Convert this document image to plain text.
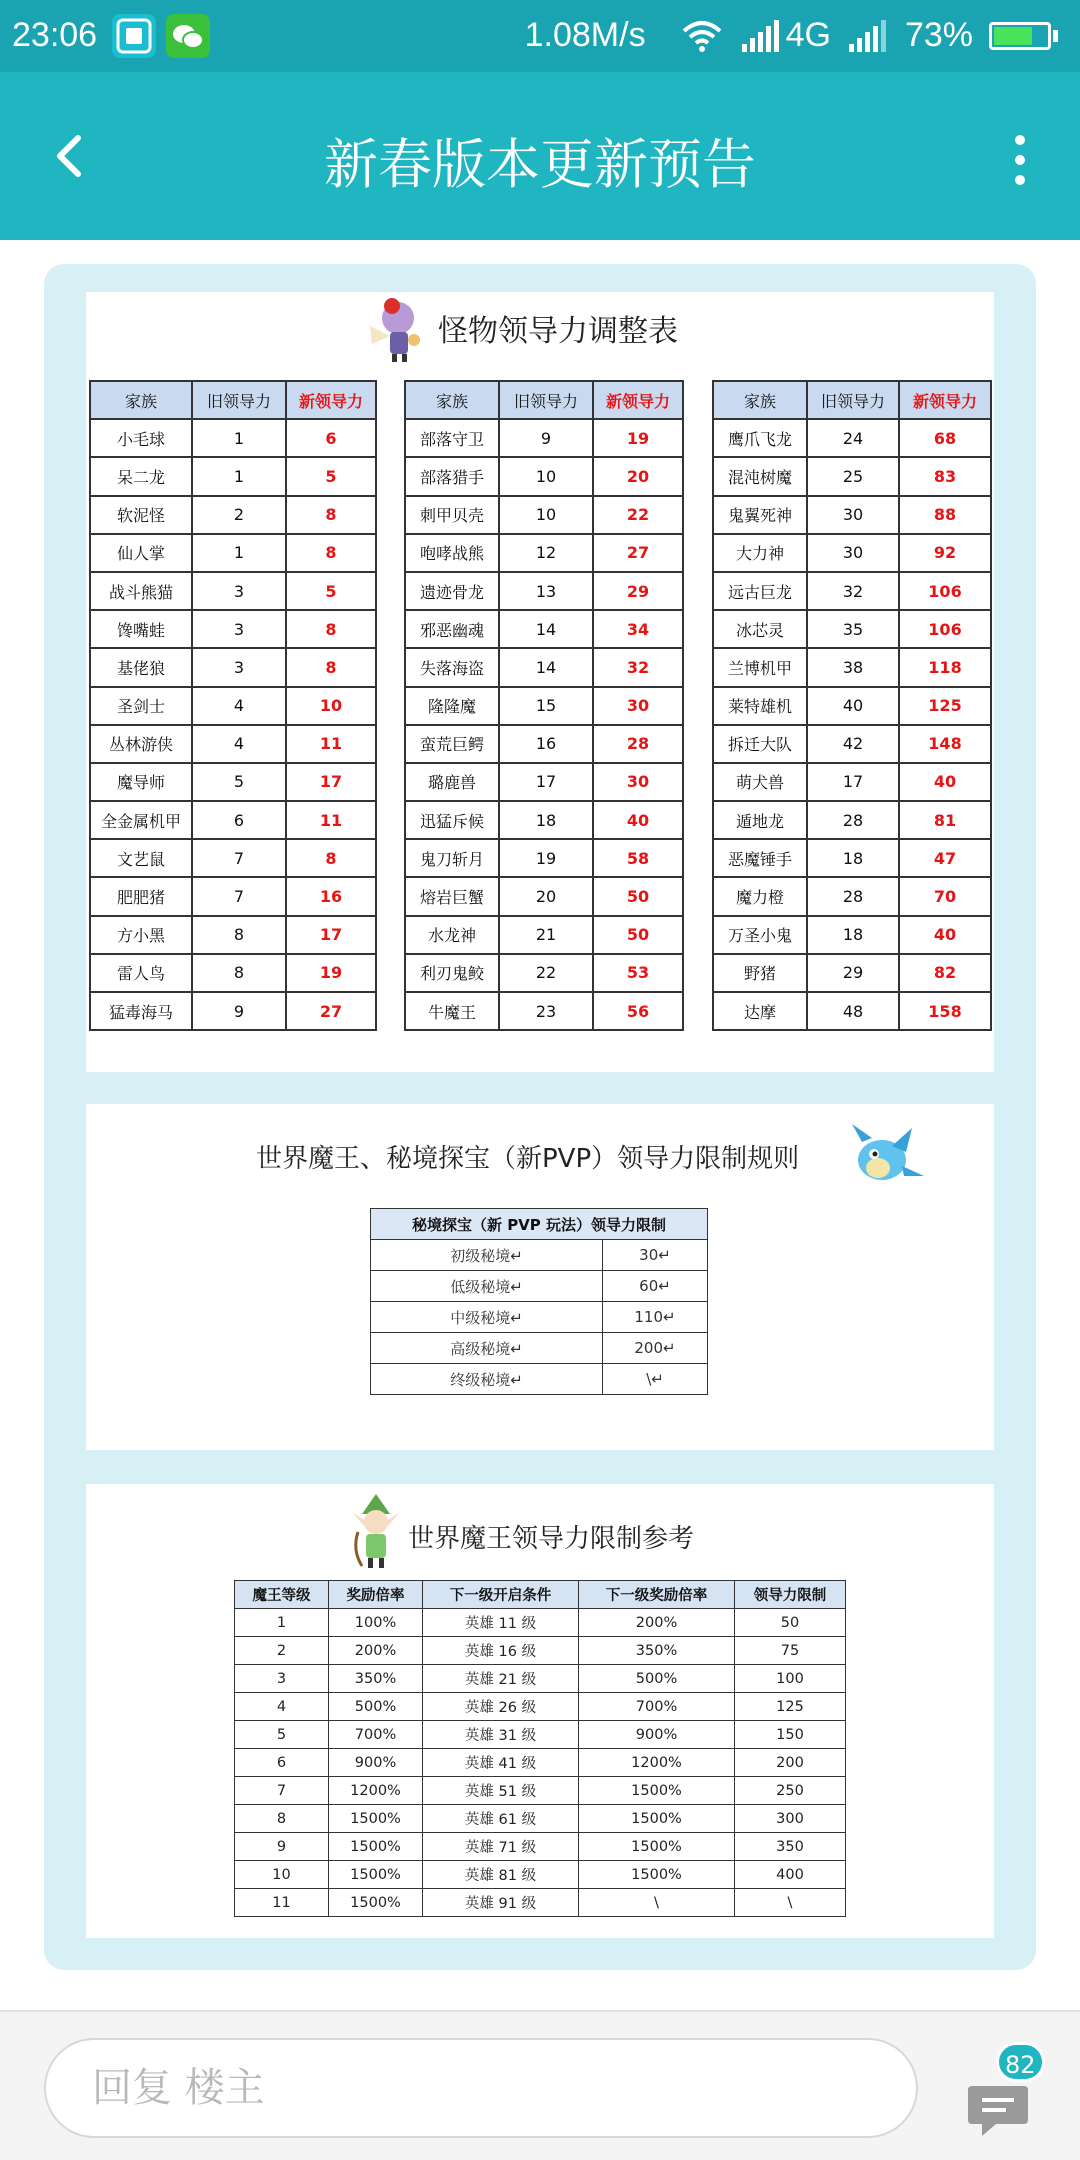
23:06	1.08M/s	4G 73%
新春版本更新预告
怪物领导力调整表
家族	旧领导力	新领导力
小毛球	1	6
呆二龙	1	5
软泥怪	2	8
仙人掌	1	8
战斗熊猫	3	5
馋嘴蛙	3	8
基佬狼	3	8
圣剑士	4	10
丛林游侠	4	11
魔导师	5	17
全金属机甲	6	11
文艺鼠	7	8
肥肥猪	7	16
方小黑	8	17
雷人鸟	8	19
猛毒海马	9	27
家族	旧领导力	新领导力
部落守卫	9	19
部落猎手	10	20
刺甲贝壳	10	22
咆哮战熊	12	27
遗迹骨龙	13	29
邪恶幽魂	14	34
失落海盗	14	32
隆隆魔	15	30
蛮荒巨鳄	16	28
璐鹿兽	17	30
迅猛斥候	18	40
鬼刀斩月	19	58
熔岩巨蟹	20	50
水龙神	21	50
利刃鬼鲛	22	53
牛魔王	23	56
家族	旧领导力	新领导力
鹰爪飞龙	24	68
混沌树魔	25	83
鬼翼死神	30	88
大力神	30	92
远古巨龙	32	106
冰芯灵	35	106
兰博机甲	38	118
莱特雄机	40	125
拆迁大队	42	148
萌犬兽	17	40
遁地龙	28	81
恶魔锤手	18	47
魔力橙	28	70
万圣小鬼	18	40
野猪	29	82
达摩	48	158
世界魔王、秘境探宝（新PVP）领导力限制规则
秘境探宝（新 PVP 玩法）领导力限制	
初级秘境↵	30↵
低级秘境↵	60↵
中级秘境↵	110↵
高级秘境↵	200↵
终级秘境↵	\↵
世界魔王领导力限制参考
魔王等级	奖励倍率	下一级开启条件	下一级奖励倍率	领导力限制
1	100%	英雄 11 级	200%	50
2	200%	英雄 16 级	350%	75
3	350%	英雄 21 级	500%	100
4	500%	英雄 26 级	700%	125
5	700%	英雄 31 级	900%	150
6	900%	英雄 41 级	1200%	200
7	1200%	英雄 51 级	1500%	250
8	1500%	英雄 61 级	1500%	300
9	1500%	英雄 71 级	1500%	350
10	1500%	英雄 81 级	1500%	400
11	1500%	英雄 91 级	\	\
回复 楼主	82
